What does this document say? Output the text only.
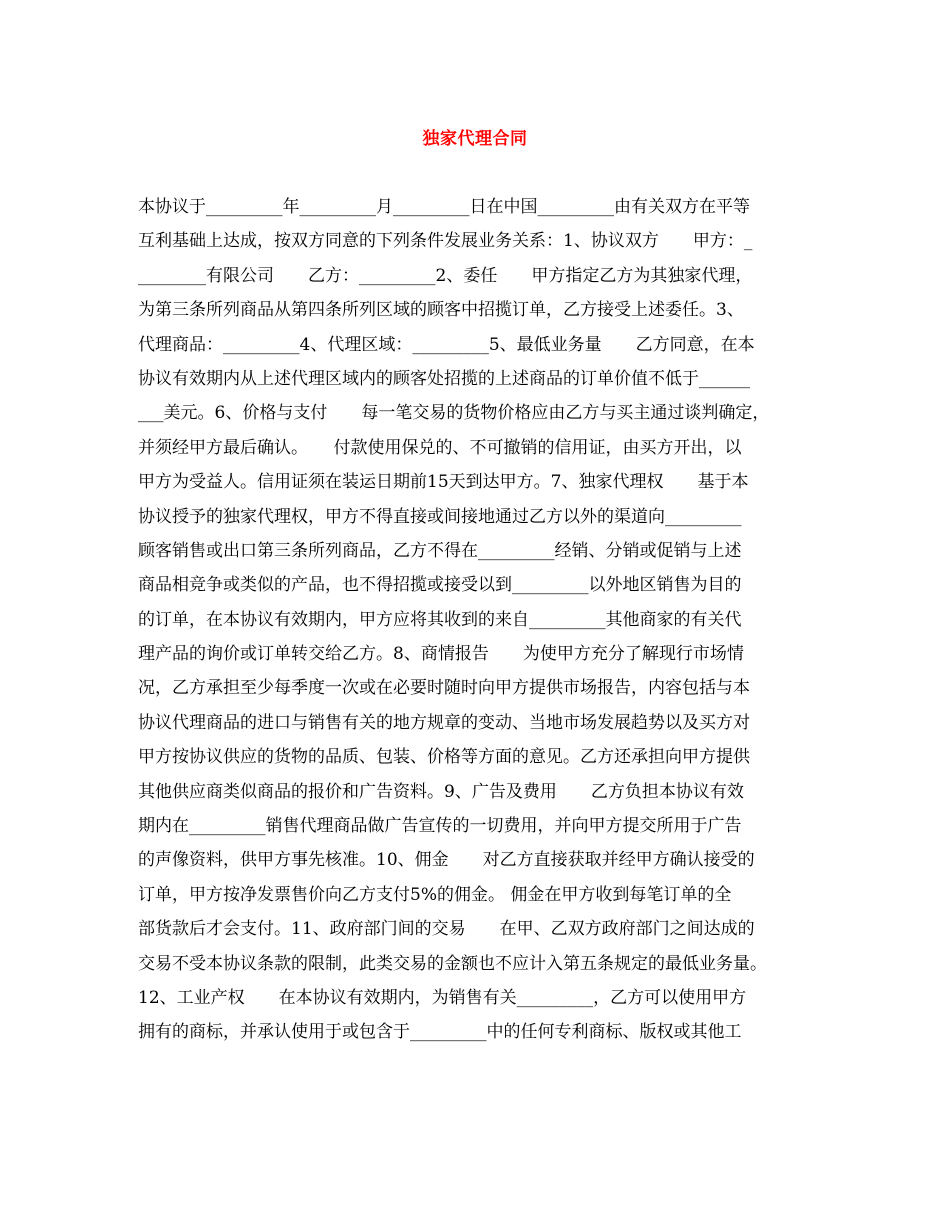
独家代理合同
本协议于_________年_________月_________日在中国_________由有关双方在平等
互利基础上达成，按双方同意的下列条件发展业务关系：1、协议双方　　甲方：_
________有限公司　　乙方：_________2、委任　　甲方指定乙方为其独家代理，
为第三条所列商品从第四条所列区域的顾客中招揽订单，乙方接受上述委任。3、
代理商品：_________4、代理区域：_________5、最低业务量　　乙方同意，在本
协议有效期内从上述代理区域内的顾客处招揽的上述商品的订单价值不低于______
___美元。6、价格与支付　　每一笔交易的货物价格应由乙方与买主通过谈判确定，
并须经甲方最后确认。　　付款使用保兑的、不可撤销的信用证，由买方开出，以
甲方为受益人。信用证须在装运日期前15天到达甲方。7、独家代理权　　基于本
协议授予的独家代理权，甲方不得直接或间接地通过乙方以外的渠道向_________
顾客销售或出口第三条所列商品，乙方不得在_________经销、分销或促销与上述
商品相竞争或类似的产品，也不得招揽或接受以到_________以外地区销售为目的
的订单，在本协议有效期内，甲方应将其收到的来自_________其他商家的有关代
理产品的询价或订单转交给乙方。8、商情报告　　为使甲方充分了解现行市场情
况，乙方承担至少每季度一次或在必要时随时向甲方提供市场报告，内容包括与本
协议代理商品的进口与销售有关的地方规章的变动、当地市场发展趋势以及买方对
甲方按协议供应的货物的品质、包装、价格等方面的意见。乙方还承担向甲方提供
其他供应商类似商品的报价和广告资料。9、广告及费用　　乙方负担本协议有效
期内在_________销售代理商品做广告宣传的一切费用，并向甲方提交所用于广告
的声像资料，供甲方事先核准。10、佣金　　对乙方直接获取并经甲方确认接受的
订单，甲方按净发票售价向乙方支付5%的佣金。 佣金在甲方收到每笔订单的全
部货款后才会支付。11、政府部门间的交易　　在甲、乙双方政府部门之间达成的
交易不受本协议条款的限制，此类交易的金额也不应计入第五条规定的最低业务量。
12、工业产权　　在本协议有效期内，为销售有关_________，乙方可以使用甲方
拥有的商标，并承认使用于或包含于_________中的任何专利商标、版权或其他工
